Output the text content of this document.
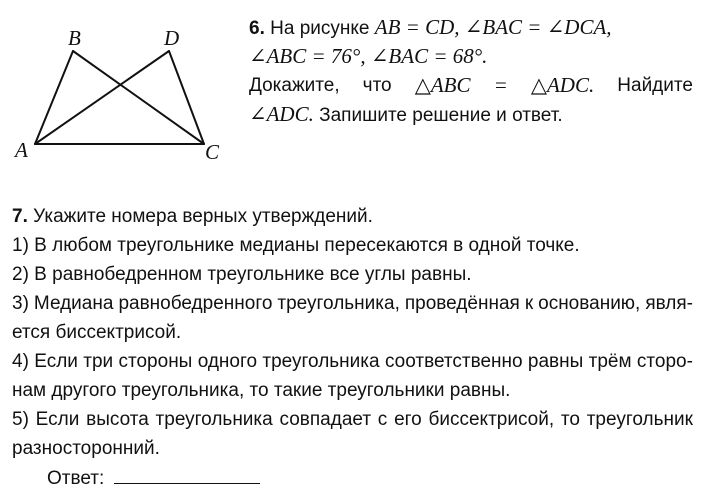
B	D
A	C
6. На рисунке AB = CD, ∠BAC = ∠DCA,
∠ABC = 76°, ∠BAC = 68°.
Докажите, что △ABC = △ADC. Найдите
∠ADC. Запишите решение и ответ.
7. Укажите номера верных утверждений.
1) В любом треугольнике медианы пересекаются в одной точке.
2) В равнобедренном треугольнике все углы равны.
3) Медиана равнобедренного треугольника, проведённая к основанию, явля-
ется биссектрисой.
4) Если три стороны одного треугольника соответственно равны трём сторо-
нам другого треугольника, то такие треугольники равны.
5) Если высота треугольника совпадает с его биссектрисой, то треугольник
разносторонний.
Ответ:
